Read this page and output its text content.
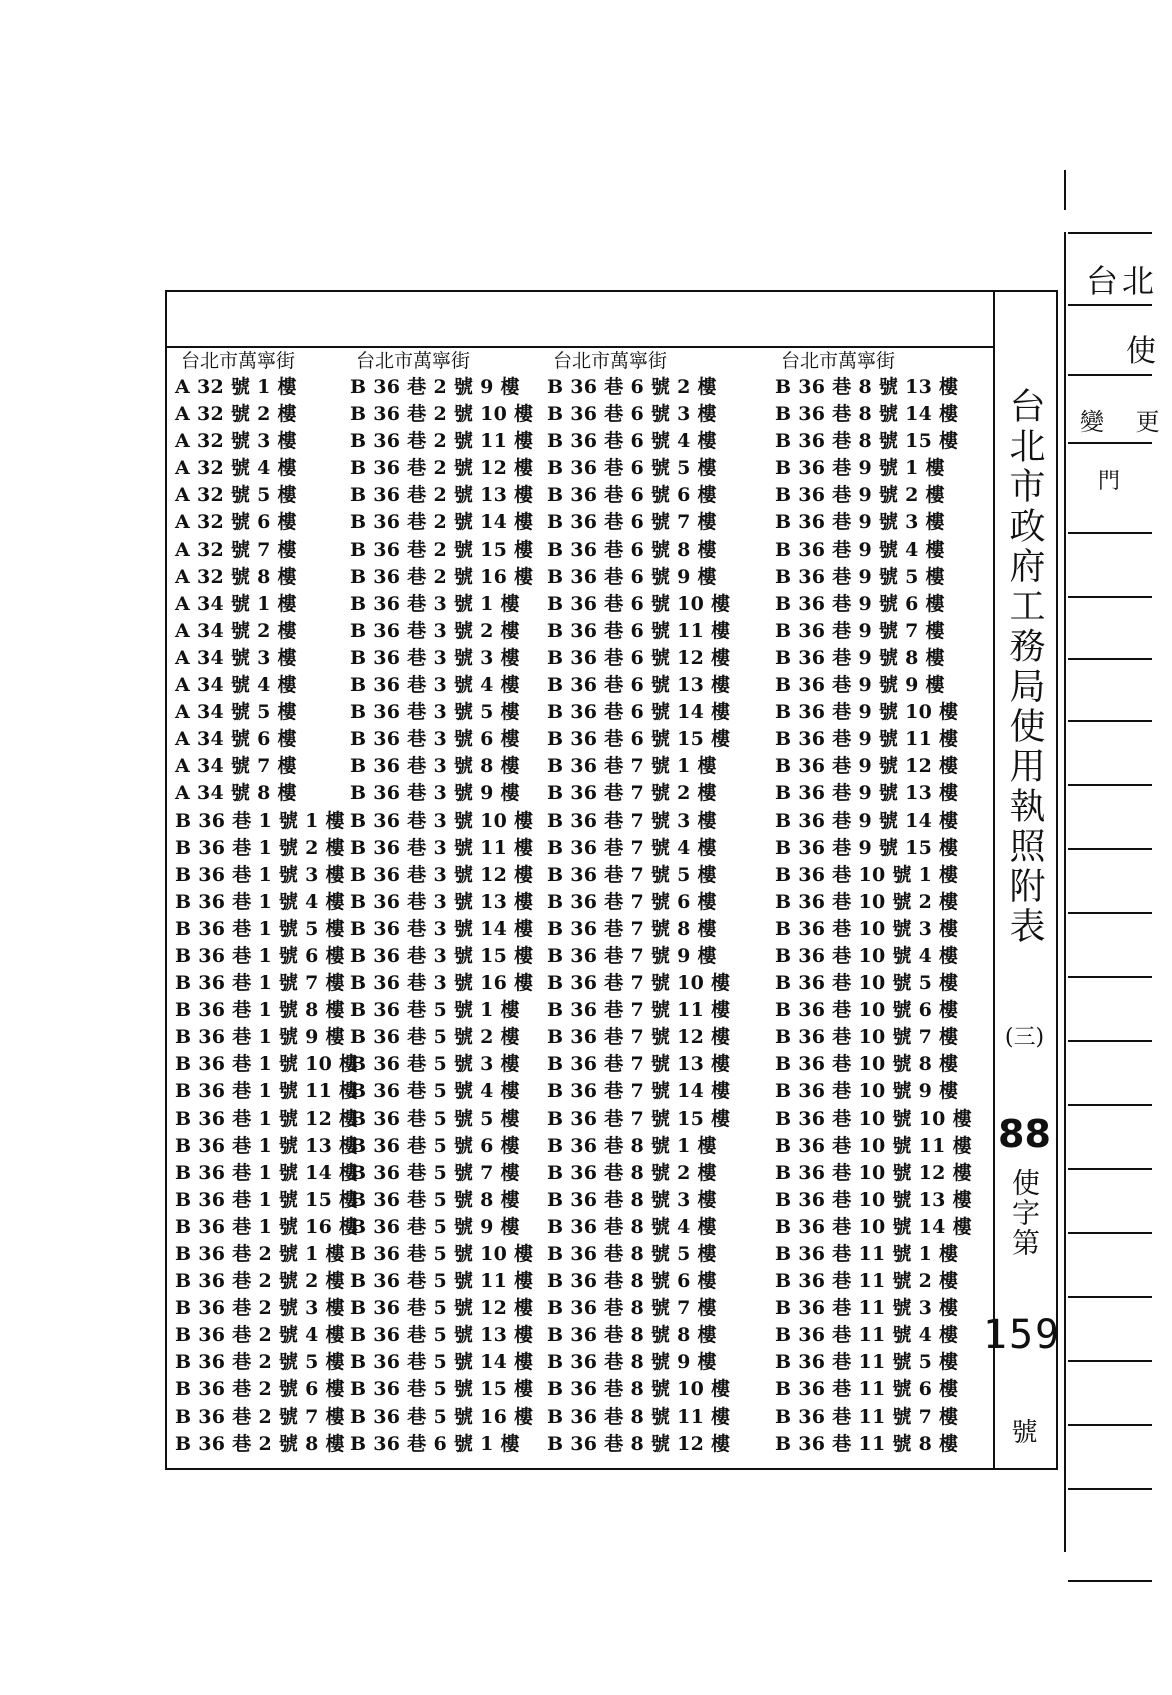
台北市萬寧街
A 32 號 1 樓
A 32 號 2 樓
A 32 號 3 樓
A 32 號 4 樓
A 32 號 5 樓
A 32 號 6 樓
A 32 號 7 樓
A 32 號 8 樓
A 34 號 1 樓
A 34 號 2 樓
A 34 號 3 樓
A 34 號 4 樓
A 34 號 5 樓
A 34 號 6 樓
A 34 號 7 樓
A 34 號 8 樓
B 36 巷 1 號 1 樓
B 36 巷 1 號 2 樓
B 36 巷 1 號 3 樓
B 36 巷 1 號 4 樓
B 36 巷 1 號 5 樓
B 36 巷 1 號 6 樓
B 36 巷 1 號 7 樓
B 36 巷 1 號 8 樓
B 36 巷 1 號 9 樓
B 36 巷 1 號 10 樓
B 36 巷 1 號 11 樓
B 36 巷 1 號 12 樓
B 36 巷 1 號 13 樓
B 36 巷 1 號 14 樓
B 36 巷 1 號 15 樓
B 36 巷 1 號 16 樓
B 36 巷 2 號 1 樓
B 36 巷 2 號 2 樓
B 36 巷 2 號 3 樓
B 36 巷 2 號 4 樓
B 36 巷 2 號 5 樓
B 36 巷 2 號 6 樓
B 36 巷 2 號 7 樓
B 36 巷 2 號 8 樓
台北市萬寧街
B 36 巷 2 號 9 樓
B 36 巷 2 號 10 樓
B 36 巷 2 號 11 樓
B 36 巷 2 號 12 樓
B 36 巷 2 號 13 樓
B 36 巷 2 號 14 樓
B 36 巷 2 號 15 樓
B 36 巷 2 號 16 樓
B 36 巷 3 號 1 樓
B 36 巷 3 號 2 樓
B 36 巷 3 號 3 樓
B 36 巷 3 號 4 樓
B 36 巷 3 號 5 樓
B 36 巷 3 號 6 樓
B 36 巷 3 號 8 樓
B 36 巷 3 號 9 樓
B 36 巷 3 號 10 樓
B 36 巷 3 號 11 樓
B 36 巷 3 號 12 樓
B 36 巷 3 號 13 樓
B 36 巷 3 號 14 樓
B 36 巷 3 號 15 樓
B 36 巷 3 號 16 樓
B 36 巷 5 號 1 樓
B 36 巷 5 號 2 樓
B 36 巷 5 號 3 樓
B 36 巷 5 號 4 樓
B 36 巷 5 號 5 樓
B 36 巷 5 號 6 樓
B 36 巷 5 號 7 樓
B 36 巷 5 號 8 樓
B 36 巷 5 號 9 樓
B 36 巷 5 號 10 樓
B 36 巷 5 號 11 樓
B 36 巷 5 號 12 樓
B 36 巷 5 號 13 樓
B 36 巷 5 號 14 樓
B 36 巷 5 號 15 樓
B 36 巷 5 號 16 樓
B 36 巷 6 號 1 樓
台北市萬寧街
B 36 巷 6 號 2 樓
B 36 巷 6 號 3 樓
B 36 巷 6 號 4 樓
B 36 巷 6 號 5 樓
B 36 巷 6 號 6 樓
B 36 巷 6 號 7 樓
B 36 巷 6 號 8 樓
B 36 巷 6 號 9 樓
B 36 巷 6 號 10 樓
B 36 巷 6 號 11 樓
B 36 巷 6 號 12 樓
B 36 巷 6 號 13 樓
B 36 巷 6 號 14 樓
B 36 巷 6 號 15 樓
B 36 巷 7 號 1 樓
B 36 巷 7 號 2 樓
B 36 巷 7 號 3 樓
B 36 巷 7 號 4 樓
B 36 巷 7 號 5 樓
B 36 巷 7 號 6 樓
B 36 巷 7 號 8 樓
B 36 巷 7 號 9 樓
B 36 巷 7 號 10 樓
B 36 巷 7 號 11 樓
B 36 巷 7 號 12 樓
B 36 巷 7 號 13 樓
B 36 巷 7 號 14 樓
B 36 巷 7 號 15 樓
B 36 巷 8 號 1 樓
B 36 巷 8 號 2 樓
B 36 巷 8 號 3 樓
B 36 巷 8 號 4 樓
B 36 巷 8 號 5 樓
B 36 巷 8 號 6 樓
B 36 巷 8 號 7 樓
B 36 巷 8 號 8 樓
B 36 巷 8 號 9 樓
B 36 巷 8 號 10 樓
B 36 巷 8 號 11 樓
B 36 巷 8 號 12 樓
台北市萬寧街
B 36 巷 8 號 13 樓
B 36 巷 8 號 14 樓
B 36 巷 8 號 15 樓
B 36 巷 9 號 1 樓
B 36 巷 9 號 2 樓
B 36 巷 9 號 3 樓
B 36 巷 9 號 4 樓
B 36 巷 9 號 5 樓
B 36 巷 9 號 6 樓
B 36 巷 9 號 7 樓
B 36 巷 9 號 8 樓
B 36 巷 9 號 9 樓
B 36 巷 9 號 10 樓
B 36 巷 9 號 11 樓
B 36 巷 9 號 12 樓
B 36 巷 9 號 13 樓
B 36 巷 9 號 14 樓
B 36 巷 9 號 15 樓
B 36 巷 10 號 1 樓
B 36 巷 10 號 2 樓
B 36 巷 10 號 3 樓
B 36 巷 10 號 4 樓
B 36 巷 10 號 5 樓
B 36 巷 10 號 6 樓
B 36 巷 10 號 7 樓
B 36 巷 10 號 8 樓
B 36 巷 10 號 9 樓
B 36 巷 10 號 10 樓
B 36 巷 10 號 11 樓
B 36 巷 10 號 12 樓
B 36 巷 10 號 13 樓
B 36 巷 10 號 14 樓
B 36 巷 11 號 1 樓
B 36 巷 11 號 2 樓
B 36 巷 11 號 3 樓
B 36 巷 11 號 4 樓
B 36 巷 11 號 5 樓
B 36 巷 11 號 6 樓
B 36 巷 11 號 7 樓
B 36 巷 11 號 8 樓
台北市政府工務局使用執照附表
(三)
88
使字第
159
號
台北
使
變 更
門
